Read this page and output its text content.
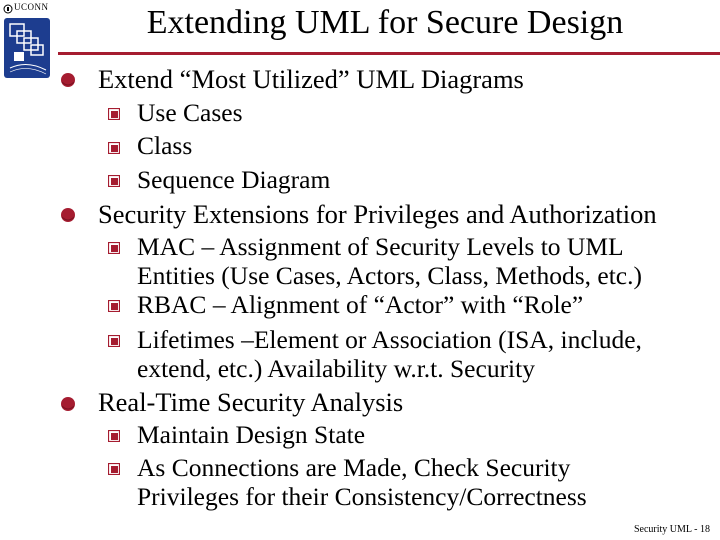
UCONN	Extending UML for Secure Design
Extend “Most Utilized” UML Diagrams
Use Cases
Class
Sequence Diagram
Security Extensions for Privileges and Authorization
MAC – Assignment of Security Levels to UML
Entities (Use Cases, Actors, Class, Methods, etc.)
RBAC – Alignment of “Actor” with “Role”
Lifetimes –Element or Association (ISA, include,
extend, etc.) Availability w.r.t. Security
Real-Time Security Analysis
Maintain Design State
As Connections are Made, Check Security
Privileges for their Consistency/Correctness
Security UML - 18
